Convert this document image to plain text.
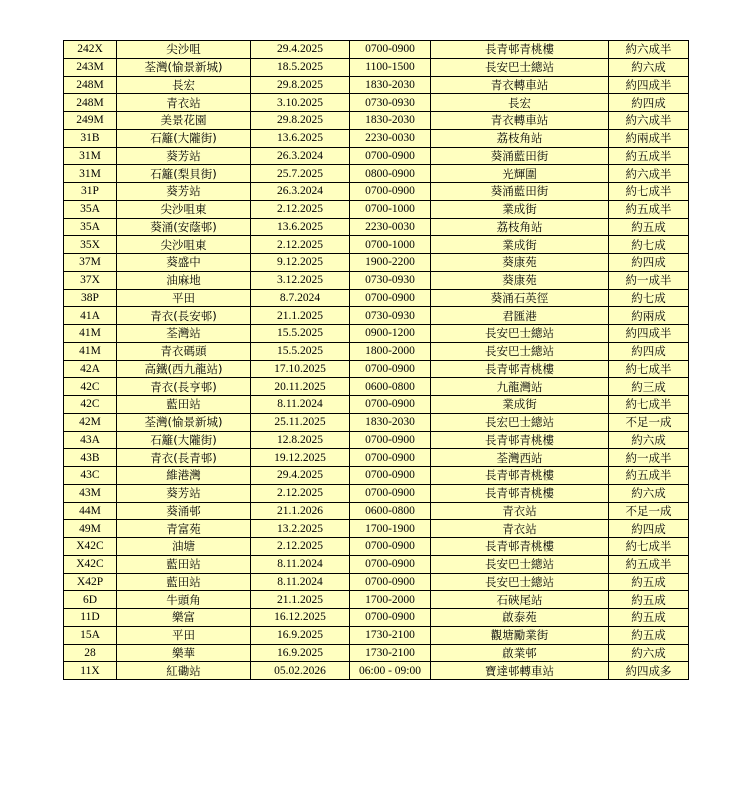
242X	尖沙咀	29.4.2025	0700-0900	長青邨青桃樓	約六成半
243M	荃灣(愉景新城)	18.5.2025	1100-1500	長安巴士總站	約六成
248M	長宏	29.8.2025	1830-2030	青衣轉車站	約四成半
248M	青衣站	3.10.2025	0730-0930	長宏	約四成
249M	美景花園	29.8.2025	1830-2030	青衣轉車站	約六成半
31B	石籬(大隴街)	13.6.2025	2230-0030	荔枝角站	約兩成半
31M	葵芳站	26.3.2024	0700-0900	葵涌藍田街	約五成半
31M	石籬(梨貝街)	25.7.2025	0800-0900	光輝圍	約六成半
31P	葵芳站	26.3.2024	0700-0900	葵涌藍田街	約七成半
35A	尖沙咀東	2.12.2025	0700-1000	業成街	約五成半
35A	葵涌(安蔭邨)	13.6.2025	2230-0030	荔枝角站	約五成
35X	尖沙咀東	2.12.2025	0700-1000	業成街	約七成
37M	葵盛中	9.12.2025	1900-2200	葵康苑	約四成
37X	油麻地	3.12.2025	0730-0930	葵康苑	約一成半
38P	平田	8.7.2024	0700-0900	葵涌石英徑	約七成
41A	青衣(長安邨)	21.1.2025	0730-0930	君匯港	約兩成
41M	荃灣站	15.5.2025	0900-1200	長安巴士總站	約四成半
41M	青衣碼頭	15.5.2025	1800-2000	長安巴士總站	約四成
42A	高鐵(西九龍站)	17.10.2025	0700-0900	長青邨青桃樓	約七成半
42C	青衣(長亨邨)	20.11.2025	0600-0800	九龍灣站	約三成
42C	藍田站	8.11.2024	0700-0900	業成街	約七成半
42M	荃灣(愉景新城)	25.11.2025	1830-2030	長宏巴士總站	不足一成
43A	石籬(大隴街)	12.8.2025	0700-0900	長青邨青桃樓	約六成
43B	青衣(長青邨)	19.12.2025	0700-0900	荃灣西站	約一成半
43C	維港灣	29.4.2025	0700-0900	長青邨青桃樓	約五成半
43M	葵芳站	2.12.2025	0700-0900	長青邨青桃樓	約六成
44M	葵涌邨	21.1.2026	0600-0800	青衣站	不足一成
49M	青富苑	13.2.2025	1700-1900	青衣站	約四成
X42C	油塘	2.12.2025	0700-0900	長青邨青桃樓	約七成半
X42C	藍田站	8.11.2024	0700-0900	長安巴士總站	約五成半
X42P	藍田站	8.11.2024	0700-0900	長安巴士總站	約五成
6D	牛頭角	21.1.2025	1700-2000	石硤尾站	約五成
11D	樂富	16.12.2025	0700-0900	啟泰苑	約五成
15A	平田	16.9.2025	1730-2100	觀塘勵業街	約五成
28	樂華	16.9.2025	1730-2100	啟業邨	約六成
11X	紅磡站	05.02.2026	06:00 - 09:00	寶達邨轉車站	約四成多
